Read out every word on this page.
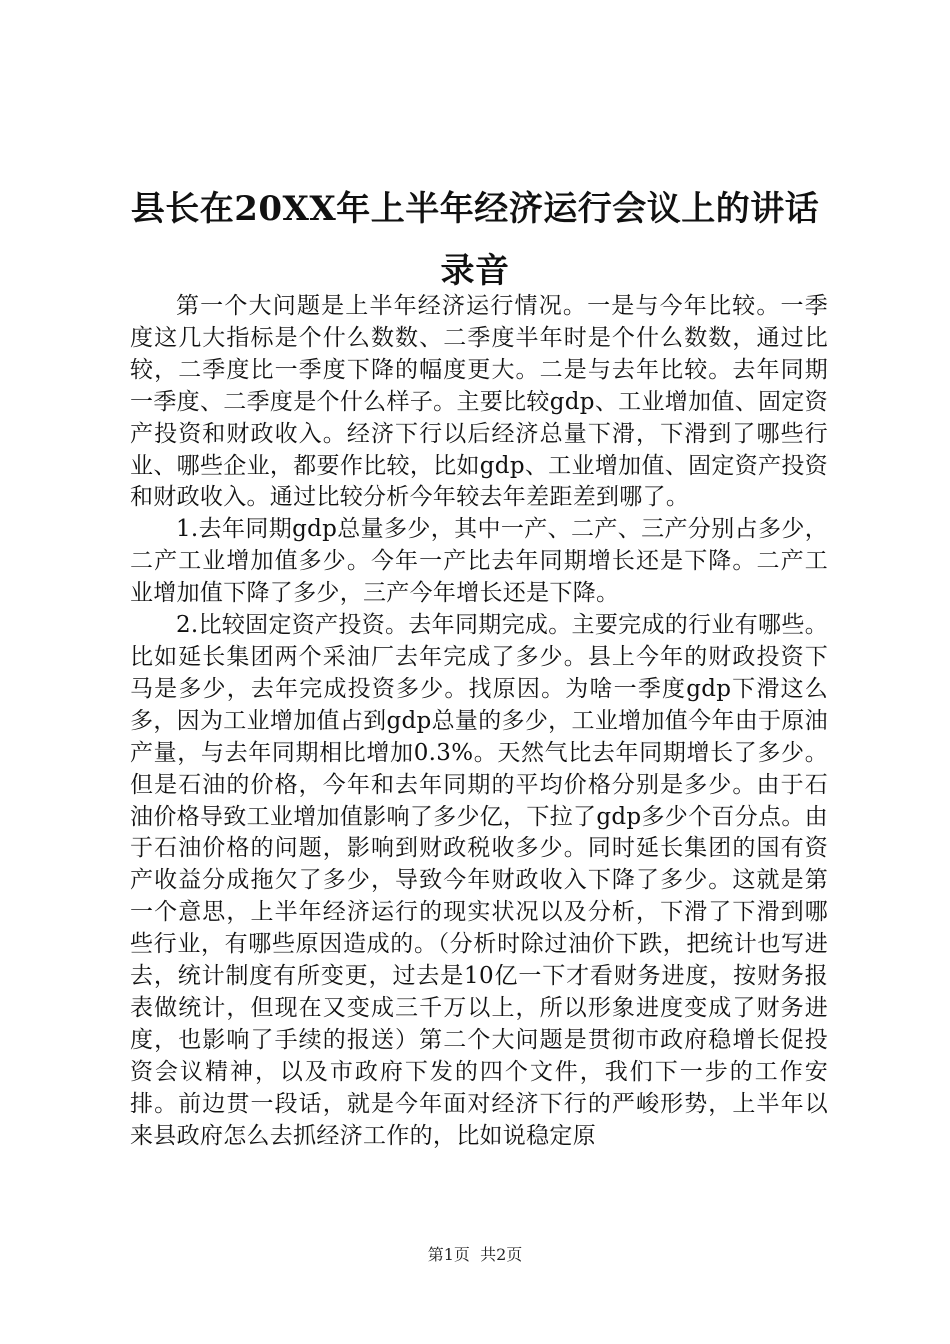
县长在20XX年上半年经济运行会议上的讲话
录音

第一个大问题是上半年经济运行情况。一是与今年比较。一季度这几大指标是个什么数数、二季度半年时是个什么数数，通过比较，二季度比一季度下降的幅度更大。二是与去年比较。去年同期一季度、二季度是个什么样子。主要比较gdp、工业增加值、固定资产投资和财政收入。经济下行以后经济总量下滑，下滑到了哪些行业、哪些企业，都要作比较，比如gdp、工业增加值、固定资产投资和财政收入。通过比较分析今年较去年差距差到哪了。

1.去年同期gdp总量多少，其中一产、二产、三产分别占多少，二产工业增加值多少。今年一产比去年同期增长还是下降。二产工业增加值下降了多少，三产今年增长还是下降。

2.比较固定资产投资。去年同期完成。主要完成的行业有哪些。比如延长集团两个采油厂去年完成了多少。县上今年的财政投资下马是多少，去年完成投资多少。找原因。为啥一季度gdp下滑这么多，因为工业增加值占到gdp总量的多少，工业增加值今年由于原油产量，与去年同期相比增加0.3%。天然气比去年同期增长了多少。但是石油的价格，今年和去年同期的平均价格分别是多少。由于石油价格导致工业增加值影响了多少亿，下拉了gdp多少个百分点。由于石油价格的问题，影响到财政税收多少。同时延长集团的国有资产收益分成拖欠了多少，导致今年财政收入下降了多少。这就是第一个意思，上半年经济运行的现实状况以及分析，下滑了下滑到哪些行业，有哪些原因造成的。（分析时除过油价下跌，把统计也写进去，统计制度有所变更，过去是10亿一下才看财务进度，按财务报表做统计，但现在又变成三千万以上，所以形象进度变成了财务进度，也影响了手续的报送）第二个大问题是贯彻市政府稳增长促投资会议精神，以及市政府下发的四个文件，我们下一步的工作安排。前边贯一段话，就是今年面对经济下行的严峻形势，上半年以来县政府怎么去抓经济工作的，比如说稳定原

第1页  共2页
